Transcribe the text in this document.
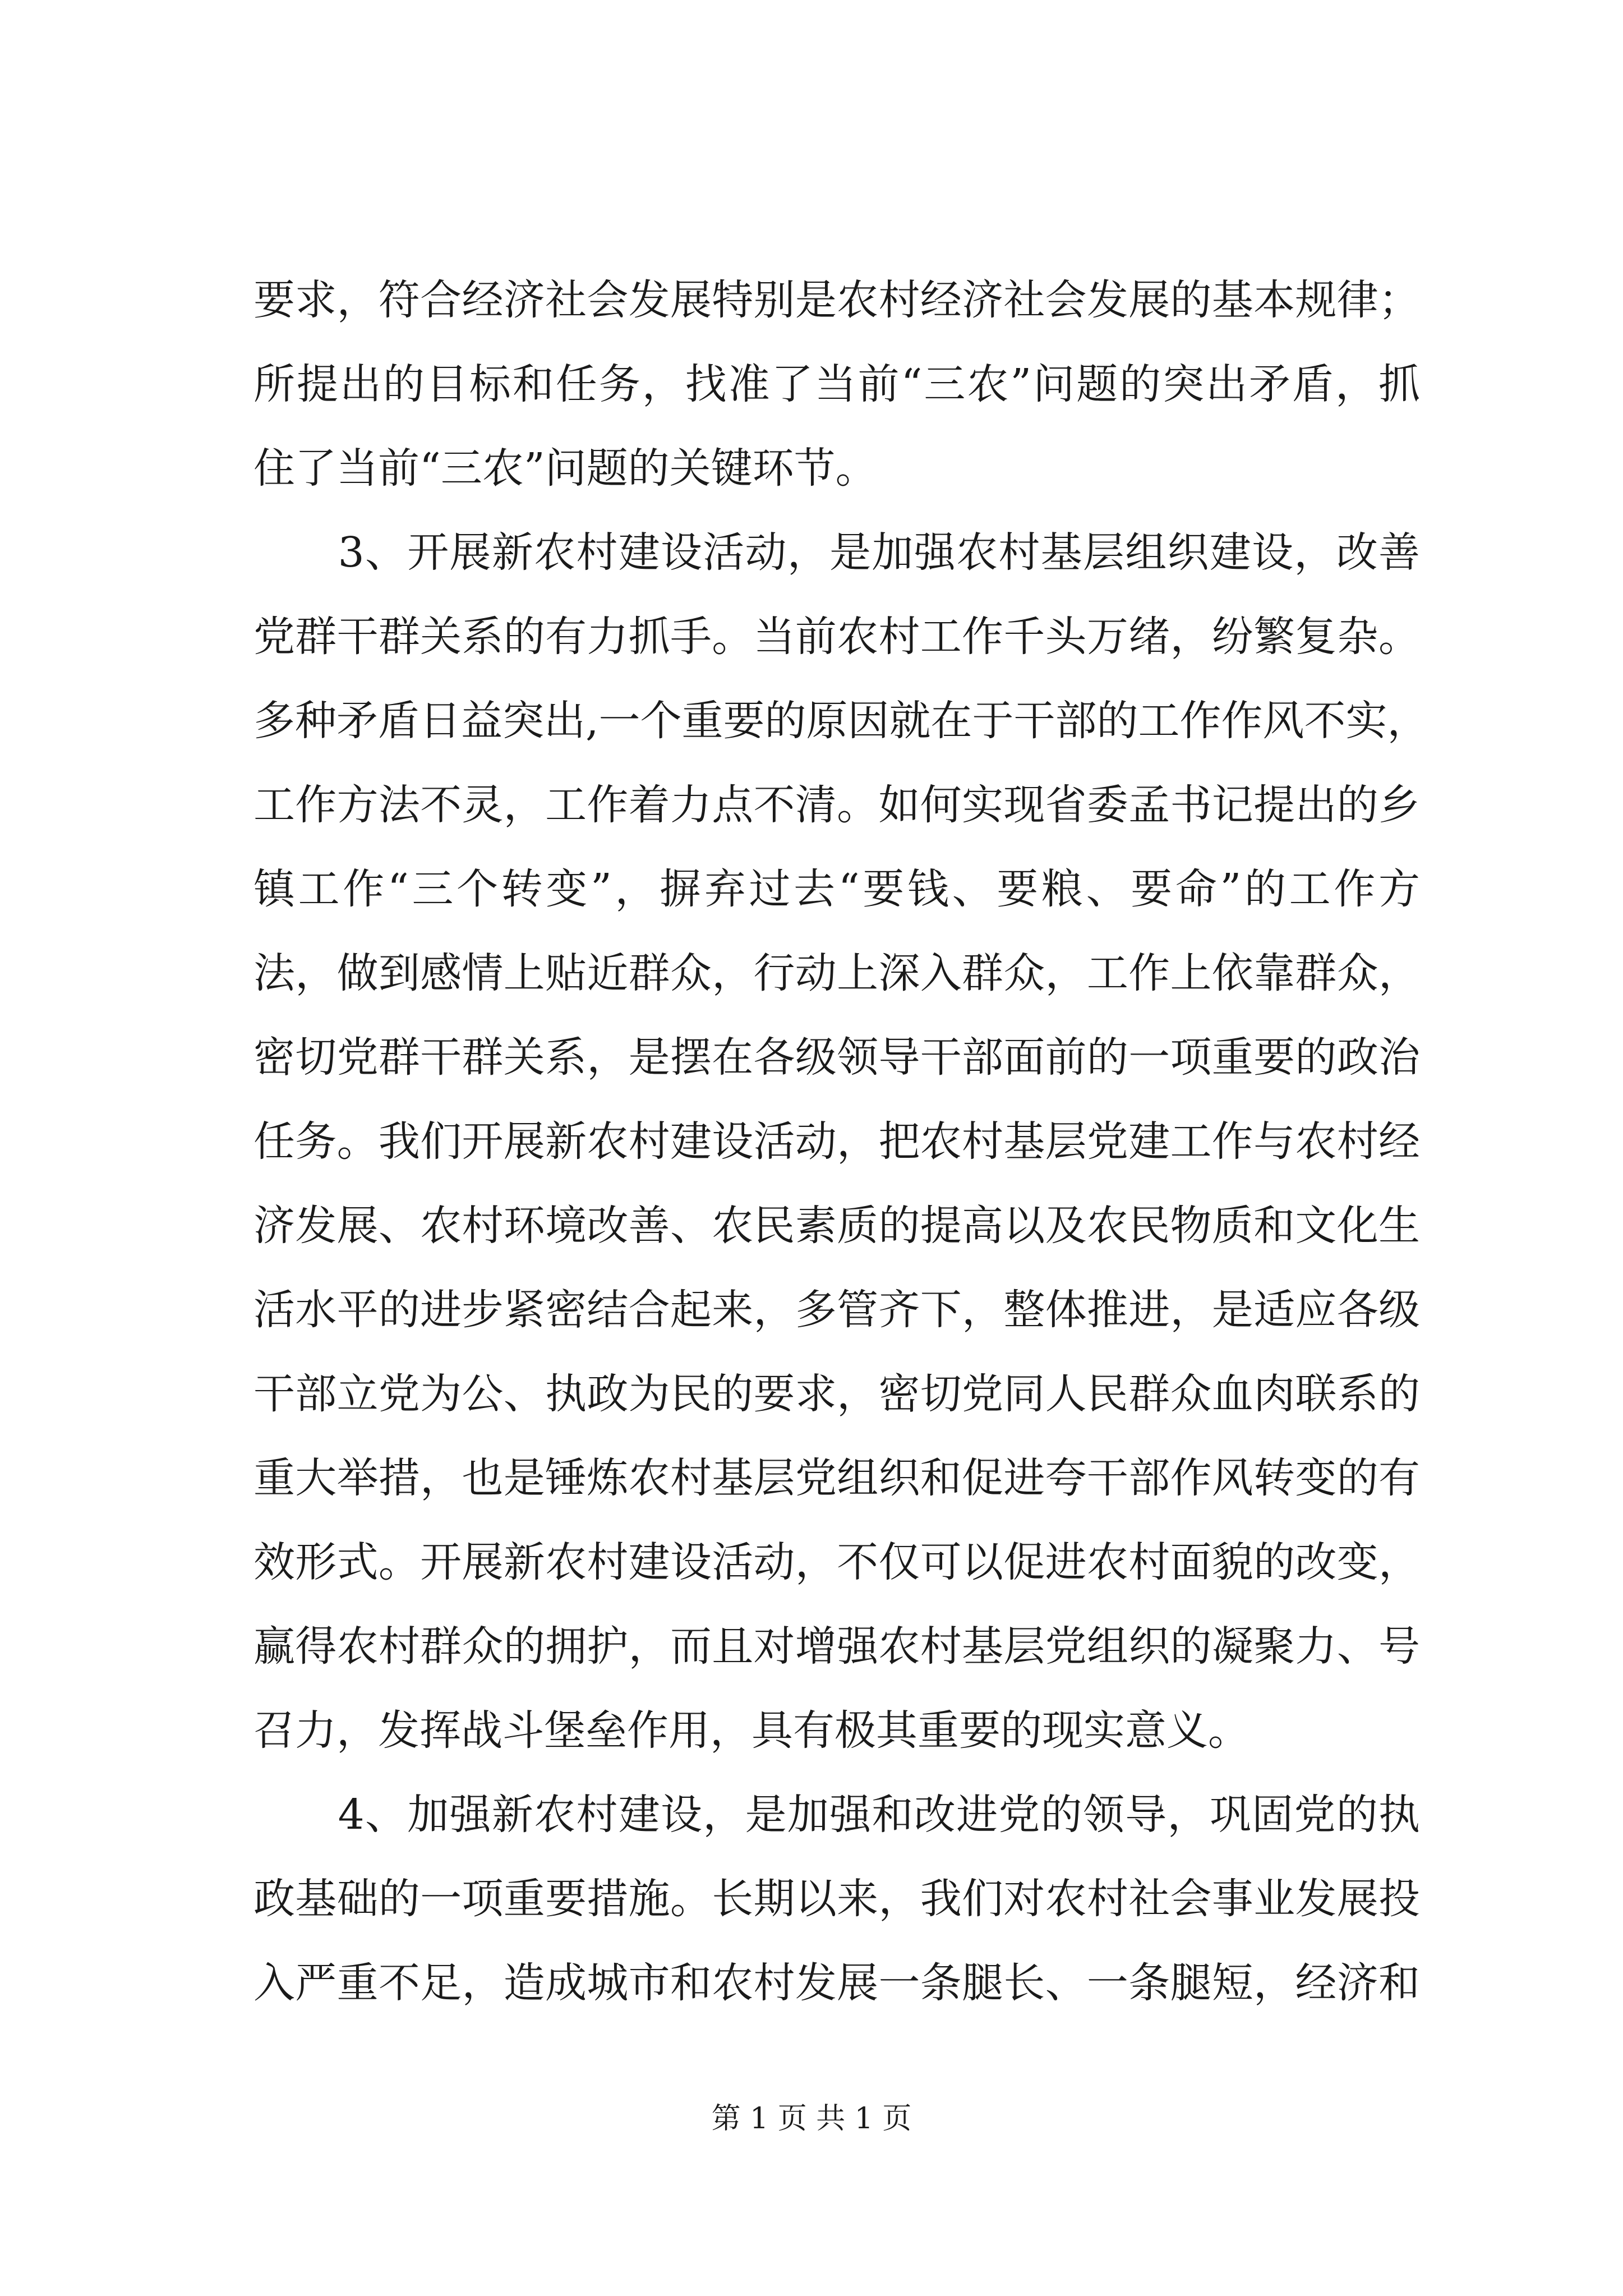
要求，符合经济社会发展特别是农村经济社会发展的基本规律；
所提出的目标和任务，找准了当前“三农”问题的突出矛盾，抓
住了当前“三农”问题的关键环节。
　　3、开展新农村建设活动，是加强农村基层组织建设，改善
党群干群关系的有力抓手。当前农村工作千头万绪，纷繁复杂。
多种矛盾日益突出,一个重要的原因就在于干部的工作作风不实，
工作方法不灵，工作着力点不清。如何实现省委孟书记提出的乡
镇工作“三个转变”，摒弃过去“要钱、要粮、要命”的工作方
法，做到感情上贴近群众，行动上深入群众，工作上依靠群众，
密切党群干群关系，是摆在各级领导干部面前的一项重要的政治
任务。我们开展新农村建设活动，把农村基层党建工作与农村经
济发展、农村环境改善、农民素质的提高以及农民物质和文化生
活水平的进步紧密结合起来，多管齐下，整体推进，是适应各级
干部立党为公、执政为民的要求，密切党同人民群众血肉联系的
重大举措，也是锤炼农村基层党组织和促进夸干部作风转变的有
效形式。开展新农村建设活动，不仅可以促进农村面貌的改变，
赢得农村群众的拥护，而且对增强农村基层党组织的凝聚力、号
召力，发挥战斗堡垒作用，具有极其重要的现实意义。
　　4、加强新农村建设，是加强和改进党的领导，巩固党的执
政基础的一项重要措施。长期以来，我们对农村社会事业发展投
入严重不足，造成城市和农村发展一条腿长、一条腿短，经济和
第 1 页 共 1 页
